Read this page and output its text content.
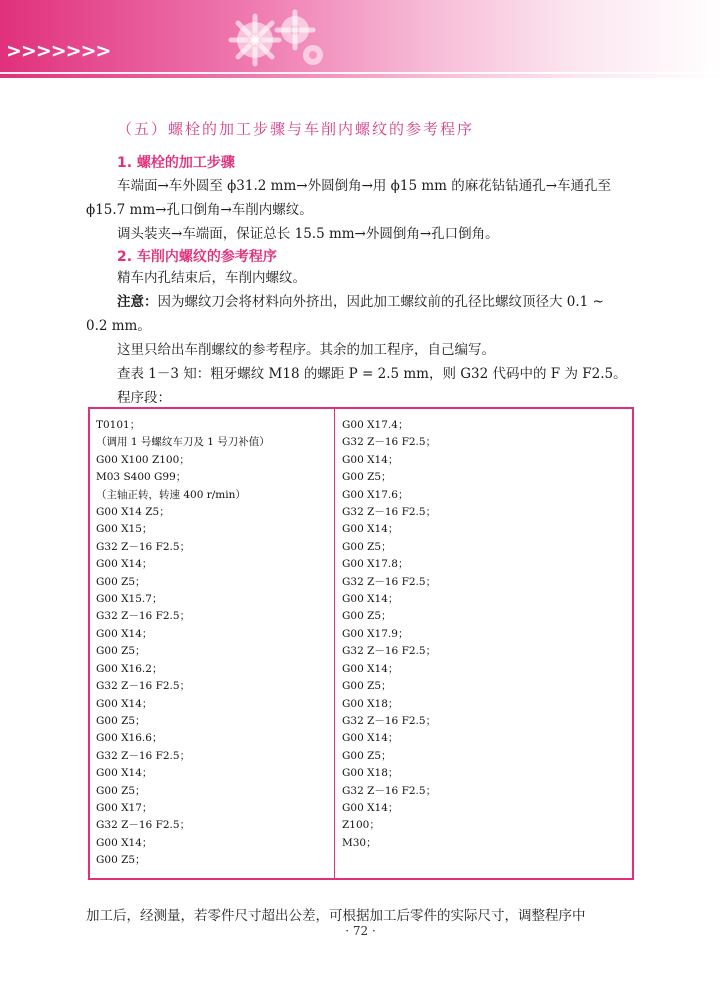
>>>>>>>
（五）螺栓的加工步骤与车削内螺纹的参考程序
1. 螺栓的加工步骤
车端面→车外圆至 ϕ31.2 mm→外圆倒角→用 ϕ15 mm 的麻花钻钻通孔→车通孔至
ϕ15.7 mm→孔口倒角→车削内螺纹。
调头装夹→车端面，保证总长 15.5 mm→外圆倒角→孔口倒角。
2. 车削内螺纹的参考程序
精车内孔结束后，车削内螺纹。
注意：因为螺纹刀会将材料向外挤出，因此加工螺纹前的孔径比螺纹顶径大 0.1 ~
0.2 mm。
这里只给出车削螺纹的参考程序。其余的加工程序，自己编写。
查表 1－3 知：粗牙螺纹 M18 的螺距 P = 2.5 mm，则 G32 代码中的 F 为 F2.5。
程序段：
T0101；
（调用 1 号螺纹车刀及 1 号刀补值）
G00 X100 Z100；
M03 S400 G99；
（主轴正转，转速 400 r/min）
G00 X14 Z5；
G00 X15；
G32 Z－16 F2.5；
G00 X14；
G00 Z5；
G00 X15.7；
G32 Z－16 F2.5；
G00 X14；
G00 Z5；
G00 X16.2；
G32 Z－16 F2.5；
G00 X14；
G00 Z5；
G00 X16.6；
G32 Z－16 F2.5；
G00 X14；
G00 Z5；
G00 X17；
G32 Z－16 F2.5；
G00 X14；
G00 Z5；
G00 X17.4；
G32 Z－16 F2.5；
G00 X14；
G00 Z5；
G00 X17.6；
G32 Z－16 F2.5；
G00 X14；
G00 Z5；
G00 X17.8；
G32 Z－16 F2.5；
G00 X14；
G00 Z5；
G00 X17.9；
G32 Z－16 F2.5；
G00 X14；
G00 Z5；
G00 X18；
G32 Z－16 F2.5；
G00 X14；
G00 Z5；
G00 X18；
G32 Z－16 F2.5；
G00 X14；
Z100；
M30；
加工后，经测量，若零件尺寸超出公差，可根据加工后零件的实际尺寸，调整程序中
· 72 ·
